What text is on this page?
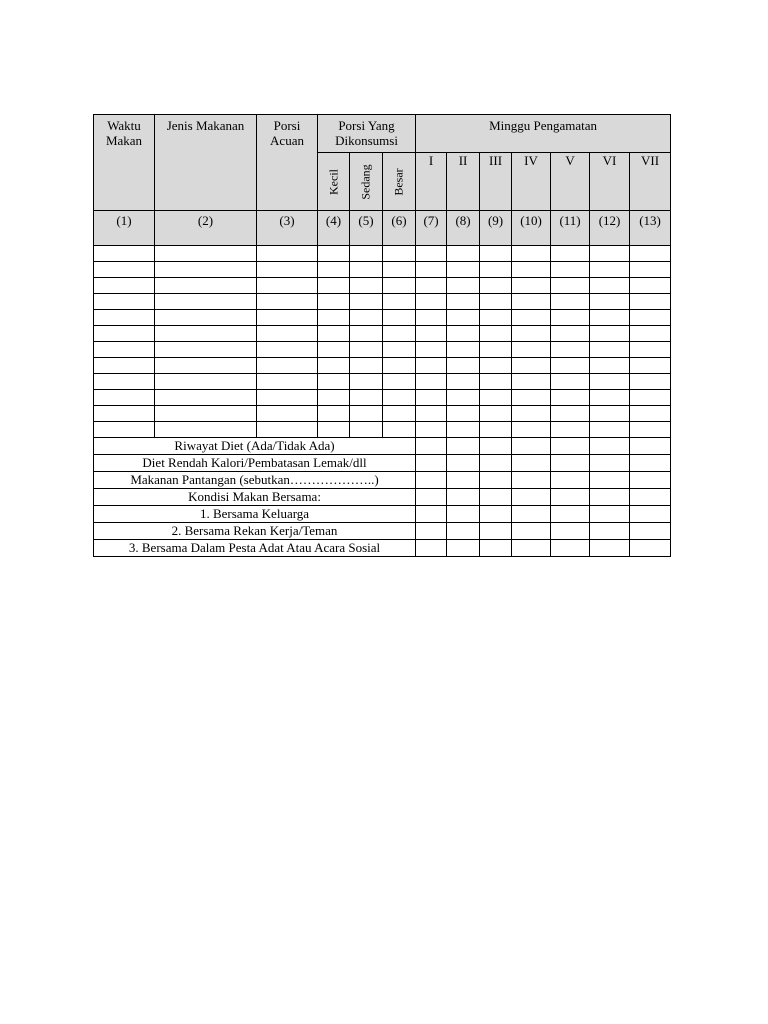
Waktu Makan	Jenis Makanan	Porsi Acuan	Porsi Yang Dikonsumsi			Minggu Pengamatan						

			Kecil	Sedang	Besar	I	II	III	IV	V	VI	VII
(1)	(2)	(3)	(4)	(5)	(6)	(7)	(8)	(9)	(10)	(11)	(12)	(13)

Riwayat Diet (Ada/Tidak Ada)												
Diet Rendah Kalori/Pembatasan Lemak/dll												
Makanan Pantangan (sebutkan………………..)												
Kondisi Makan Bersama:												
1. Bersama Keluarga												
2. Bersama Rekan Kerja/Teman												
3. Bersama Dalam Pesta Adat Atau Acara Sosial												
